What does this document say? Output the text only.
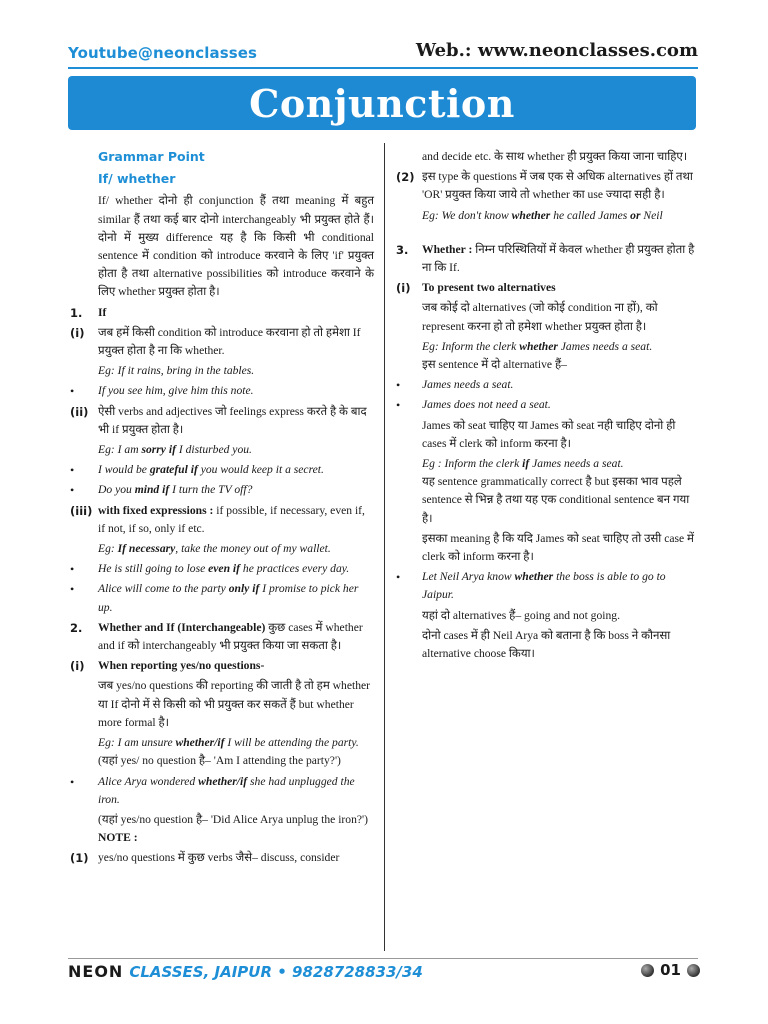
Youtube@neonclasses	Web.: www.neonclasses.com
Conjunction
Grammar Point
If/ whether

If/ whether दोनो ही conjunction हैं तथा meaning में बहुत similar हैं तथा कई बार दोनो interchangeably भी प्रयुक्त होते हैं। दोनो में मुख्य difference यह है कि किसी भी conditional sentence में condition को introduce करवाने के लिए 'if' प्रयुक्त होता है तथा alternative possibilities को introduce करवाने के लिए whether प्रयुक्त होता है।

1.	If
(i)	जब हमें किसी condition को introduce करवाना हो तो हमेशा If प्रयुक्त होता है ना कि whether.
Eg: If it rains, bring in the tables.
•	If you see him, give him this note.
(ii) ऐसी verbs and adjectives जो feelings express करते है के बाद भी if प्रयुक्त होता है।
Eg: I am sorry if I disturbed you.
•	I would be grateful if you would keep it a secret.
•	Do you mind if I turn the TV off?
(iii) with fixed expressions : if possible, if necessary, even if, if not, if so, only if etc.
Eg: If necessary, take the money out of my wallet.
•	He is still going to lose even if he practices every day.
•	Alice will come to the party only if I promise to pick her up.
2.	Whether and If (Interchangeable) कुछ cases में whether and if को interchangeably भी प्रयुक्त किया जा सकता है।
(i)	When reporting yes/no questions-

जब yes/no questions की reporting की जाती है तो हम whether या If दोनो में से किसी को भी प्रयुक्त कर सकतें हैं but whether more formal है।

Eg: I am unsure whether/if I will be attending the party.
(यहां yes/ no question है– 'Am I attending the party?')
•	Alice Arya wondered whether/if she had unplugged the iron.
(यहां yes/no question है– 'Did Alice Arya unplug the iron?')
NOTE :
(1) yes/no questions में कुछ verbs जैसे– discuss, consider

and decide etc. के साथ whether ही प्रयुक्त किया जाना चाहिए।

(2) इस type के questions में जब एक से अधिक alternatives हों तथा 'OR' प्रयुक्त किया जाये तो whether का use ज्यादा सही है।
Eg: We don't know whether he called James or Neil
3.	Whether : निम्न परिस्थितियों में केवल whether ही प्रयुक्त होता है ना कि If.
(i) To present two alternatives

जब कोई दो alternatives (जो कोई condition ना हों), को represent करना हो तो हमेशा whether प्रयुक्त होता है।

Eg: Inform the clerk whether James needs a seat.
इस sentence में दो alternative हैं–
•	James needs a seat.
•	James does not need a seat.

James को seat चाहिए या James को seat नही चाहिए दोनो ही cases में clerk को inform करना है।

Eg : Inform the clerk if James needs a seat.

यह sentence grammatically correct है but इसका भाव पहले sentence से भिन्न है तथा यह एक conditional sentence बन गया है।

इसका meaning है कि यदि James को seat चाहिए तो उसी case में clerk को inform करना है।

•	Let Neil Arya know whether the boss is able to go to Jaipur.

यहां दो alternatives हैं– going and not going.

दोनो cases में ही Neil Arya को बताना है कि boss ने कौनसा alternative choose किया।

NEON CLASSES, JAIPUR • 9828728833/34	01
